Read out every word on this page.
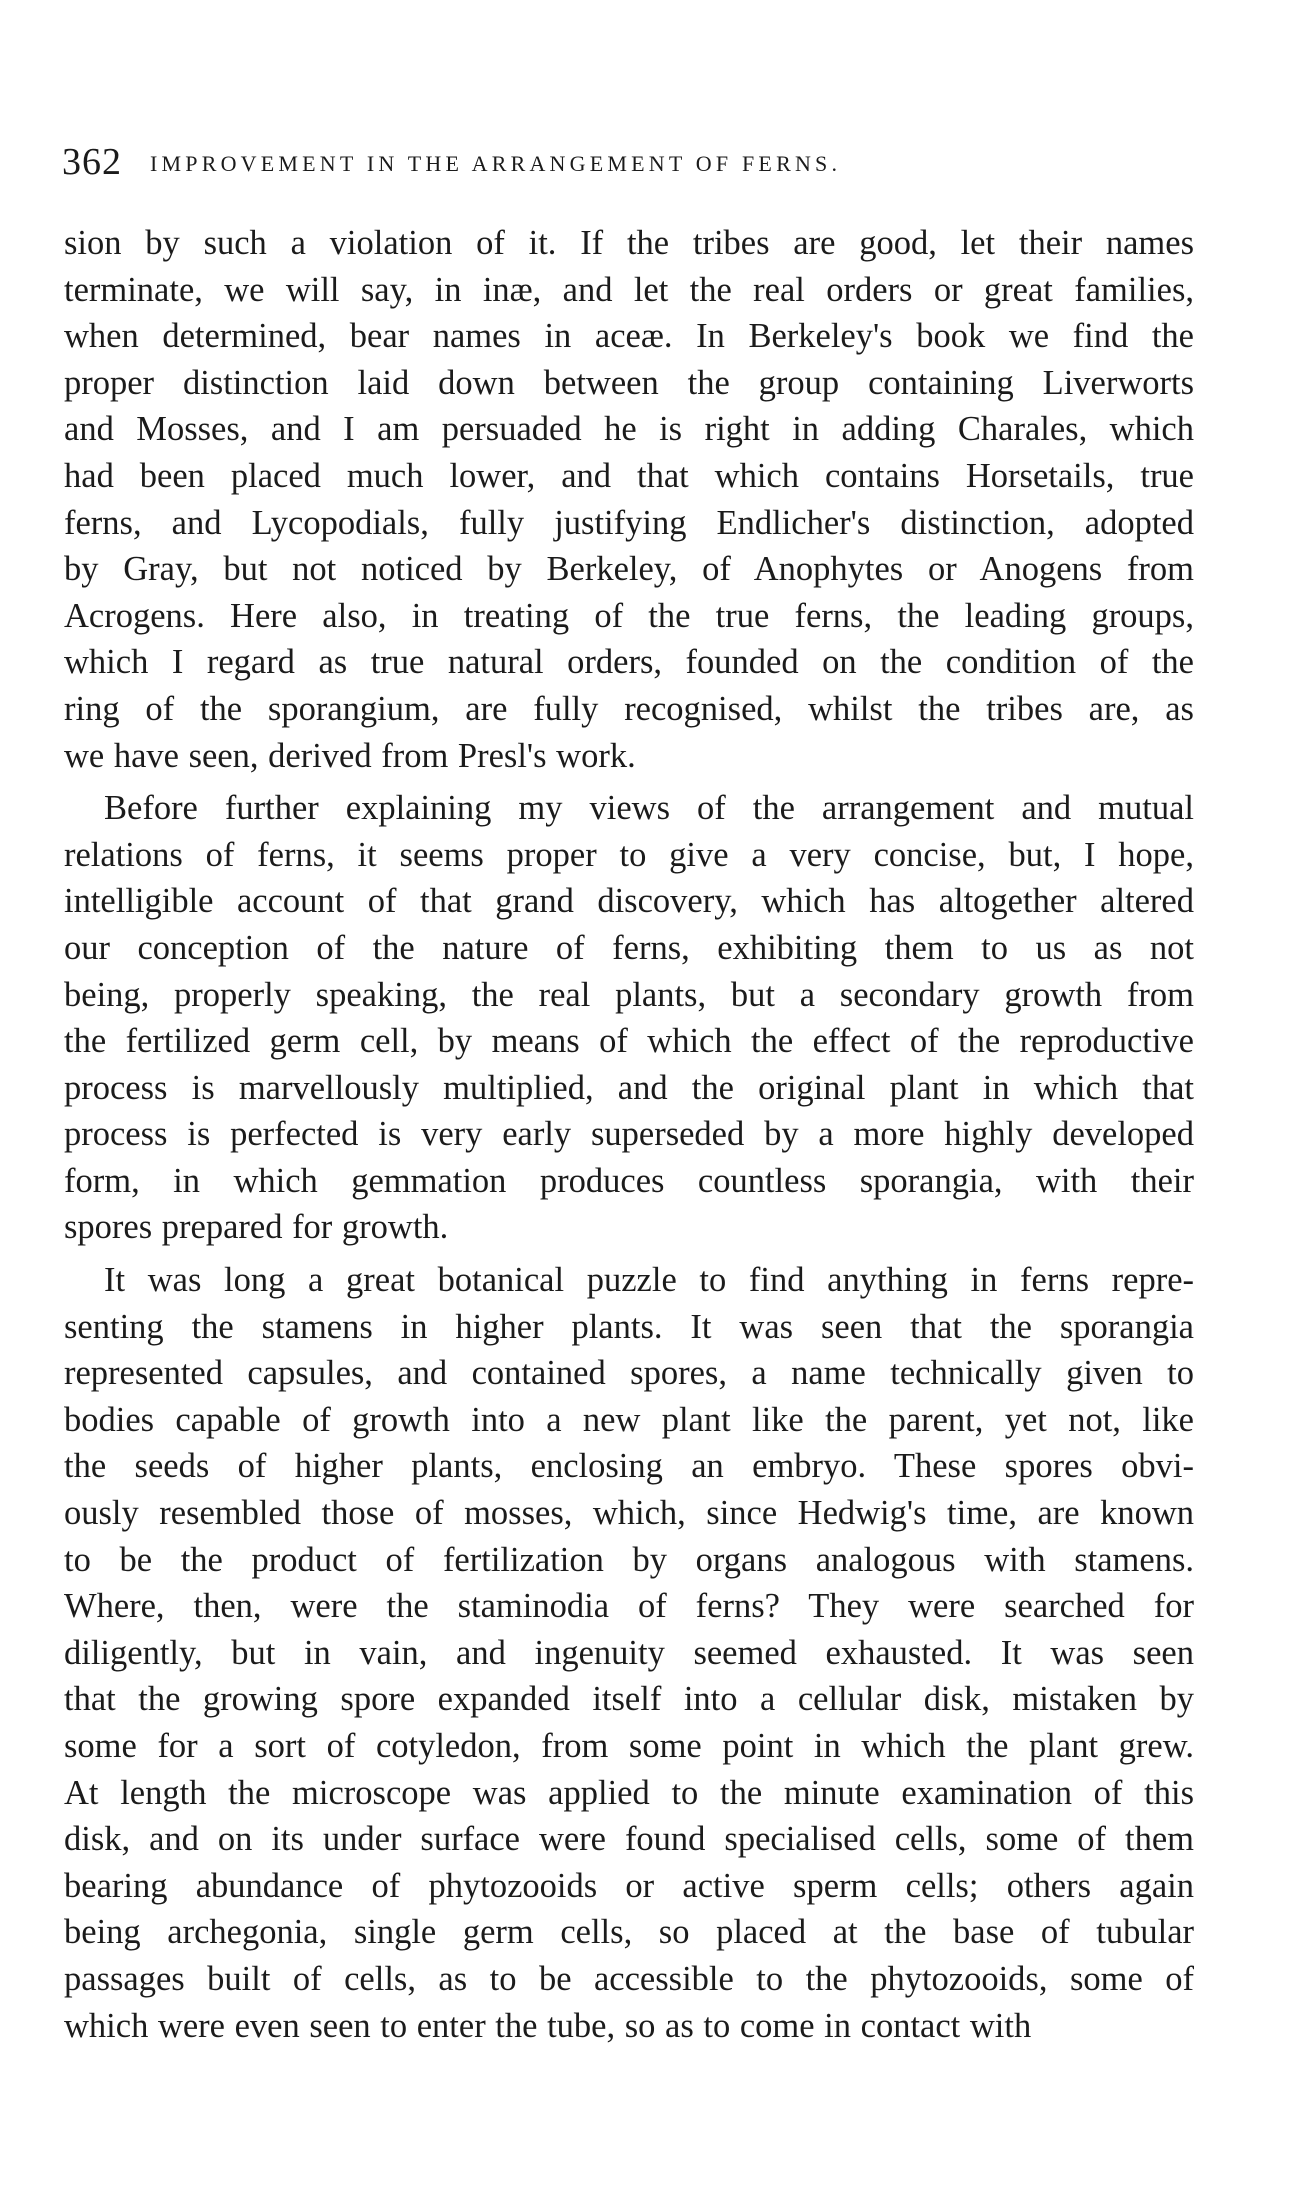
362 IMPROVEMENT IN THE ARRANGEMENT OF FERNS.

sion by such a violation of it. If the tribes are good, let their names
terminate, we will say, in inæ, and let the real orders or great families,
when determined, bear names in aceæ. In Berkeley's book we find the
proper distinction laid down between the group containing Liverworts
and Mosses, and I am persuaded he is right in adding Charales, which
had been placed much lower, and that which contains Horsetails, true
ferns, and Lycopodials, fully justifying Endlicher's distinction, adopted
by Gray, but not noticed by Berkeley, of Anophytes or Anogens from
Acrogens. Here also, in treating of the true ferns, the leading groups,
which I regard as true natural orders, founded on the condition of the
ring of the sporangium, are fully recognised, whilst the tribes are, as
we have seen, derived from Presl's work.

Before further explaining my views of the arrangement and mutual
relations of ferns, it seems proper to give a very concise, but, I hope,
intelligible account of that grand discovery, which has altogether altered
our conception of the nature of ferns, exhibiting them to us as not
being, properly speaking, the real plants, but a secondary growth from
the fertilized germ cell, by means of which the effect of the reproductive
process is marvellously multiplied, and the original plant in which that
process is perfected is very early superseded by a more highly developed
form, in which gemmation produces countless sporangia, with their
spores prepared for growth.

It was long a great botanical puzzle to find anything in ferns repre-
senting the stamens in higher plants. It was seen that the sporangia
represented capsules, and contained spores, a name technically given to
bodies capable of growth into a new plant like the parent, yet not, like
the seeds of higher plants, enclosing an embryo. These spores obvi-
ously resembled those of mosses, which, since Hedwig's time, are known
to be the product of fertilization by organs analogous with stamens.
Where, then, were the staminodia of ferns? They were searched for
diligently, but in vain, and ingenuity seemed exhausted. It was seen
that the growing spore expanded itself into a cellular disk, mistaken by
some for a sort of cotyledon, from some point in which the plant grew.
At length the microscope was applied to the minute examination of this
disk, and on its under surface were found specialised cells, some of them
bearing abundance of phytozooids or active sperm cells; others again
being archegonia, single germ cells, so placed at the base of tubular
passages built of cells, as to be accessible to the phytozooids, some of
which were even seen to enter the tube, so as to come in contact with
